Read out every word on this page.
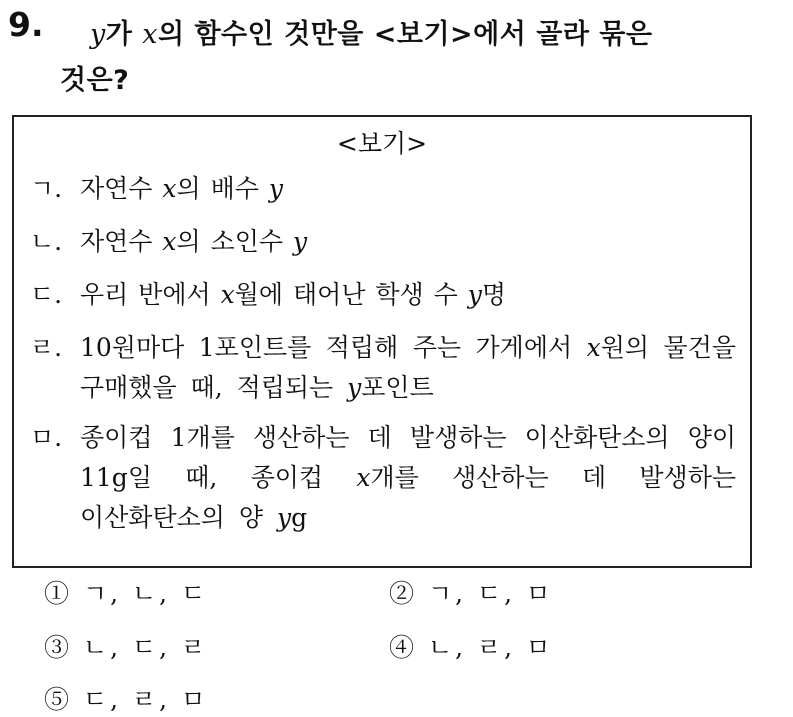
9. y가 x의 함수인 것만을 <보기>에서 골라 묶은
것은?
<보기>
ㄱ. 자연수 x의 배수 y
ㄴ. 자연수 x의 소인수 y
ㄷ. 우리 반에서 x월에 태어난 학생 수 y명
ㄹ. 10원마다 1포인트를 적립해 주는 가게에서 x원의 물건을 구매했을 때, 적립되는 y포인트
ㅁ. 종이컵 1개를 생산하는 데 발생하는 이산화탄소의 양이 11g일 때, 종이컵 x개를 생산하는 데 발생하는 이산화탄소의 양 yg
① ㄱ, ㄴ, ㄷ	② ㄱ, ㄷ, ㅁ
③ ㄴ, ㄷ, ㄹ	④ ㄴ, ㄹ, ㅁ
⑤ ㄷ, ㄹ, ㅁ
